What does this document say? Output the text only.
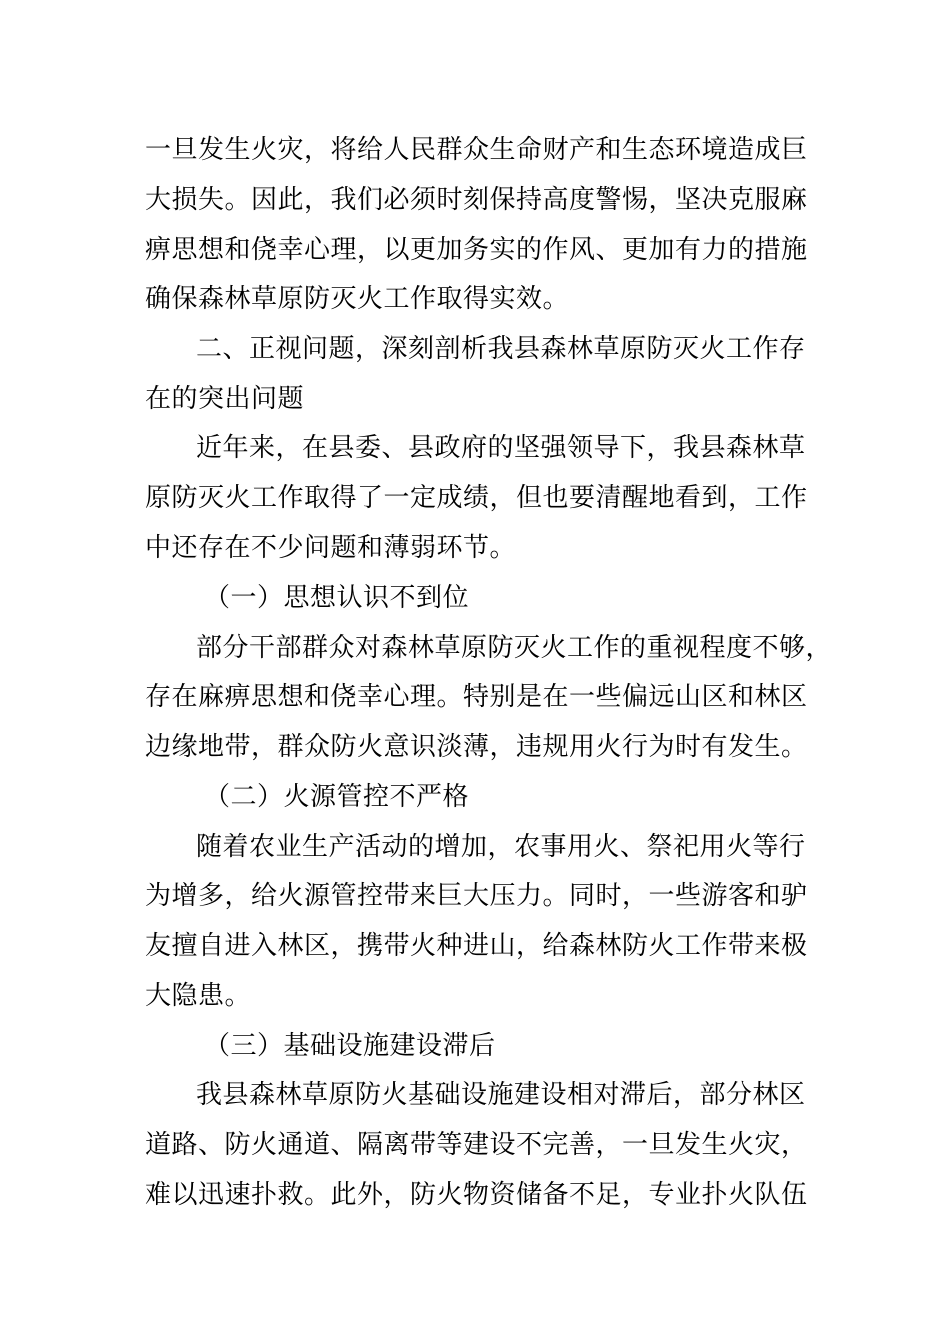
一旦发生火灾，将给人民群众生命财产和生态环境造成巨
大损失。因此，我们必须时刻保持高度警惕，坚决克服麻
痹思想和侥幸心理，以更加务实的作风、更加有力的措施
确保森林草原防灭火工作取得实效。
二、正视问题，深刻剖析我县森林草原防灭火工作存
在的突出问题
近年来，在县委、县政府的坚强领导下，我县森林草
原防灭火工作取得了一定成绩，但也要清醒地看到，工作
中还存在不少问题和薄弱环节。
（一）思想认识不到位
部分干部群众对森林草原防灭火工作的重视程度不够，
存在麻痹思想和侥幸心理。特别是在一些偏远山区和林区
边缘地带，群众防火意识淡薄，违规用火行为时有发生。
（二）火源管控不严格
随着农业生产活动的增加，农事用火、祭祀用火等行
为增多，给火源管控带来巨大压力。同时，一些游客和驴
友擅自进入林区，携带火种进山，给森林防火工作带来极
大隐患。
（三）基础设施建设滞后
我县森林草原防火基础设施建设相对滞后，部分林区
道路、防火通道、隔离带等建设不完善，一旦发生火灾，
难以迅速扑救。此外，防火物资储备不足，专业扑火队伍
